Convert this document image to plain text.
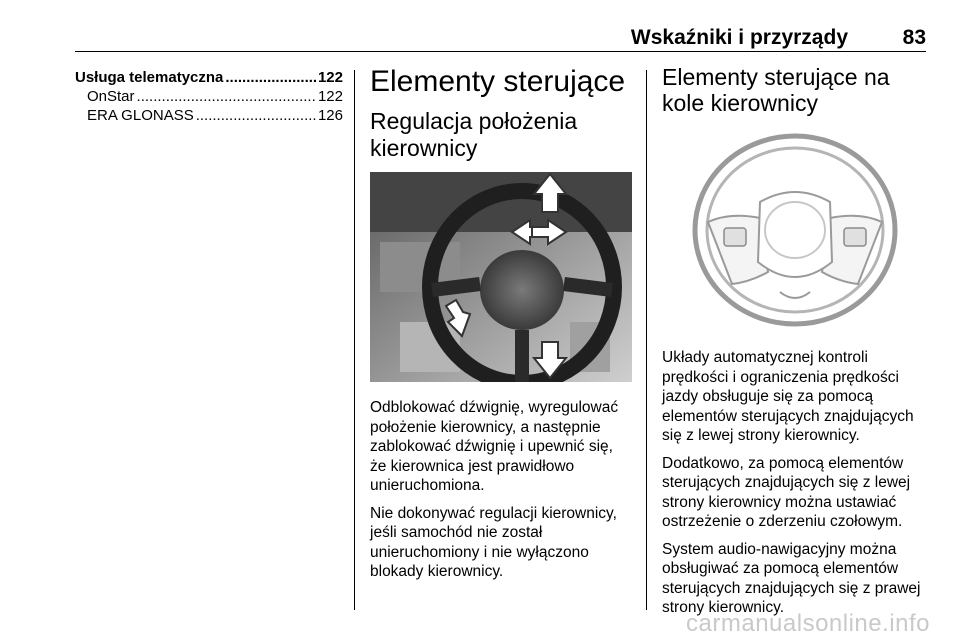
Wskaźniki i przyrządy	83
Usługa telematyczna .....	122
OnStar .....	122
ERA GLONASS .....	126
Elementy sterujące
Regulacja położenia kierownicy

Odblokować dźwignię, wyregulować położenie kierownicy, a następnie zablokować dźwignię i upewnić się, że kierownica jest prawidłowo unieruchomiona.

Nie dokonywać regulacji kierownicy, jeśli samochód nie został unieruchomiony i nie wyłączono blokady kierownicy.

Elementy sterujące na kole kierownicy

Układy automatycznej kontroli prędkości i ograniczenia prędkości jazdy obsługuje się za pomocą elementów sterujących znajdujących się z lewej strony kierownicy.

Dodatkowo, za pomocą elementów sterujących znajdujących się z lewej strony kierownicy można ustawiać ostrzeżenie o zderzeniu czołowym.

System audio-nawigacyjny można obsługiwać za pomocą elementów sterujących znajdujących się z prawej strony kierownicy.

carmanualsonline.info
